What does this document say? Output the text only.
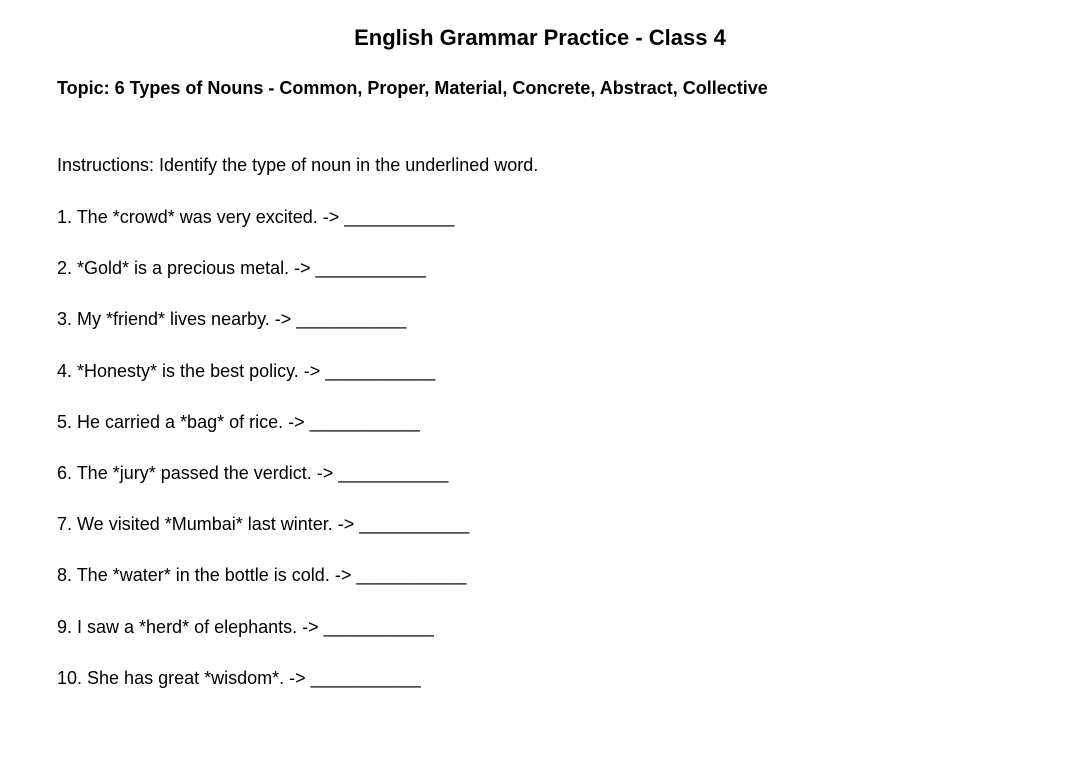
English Grammar Practice - Class 4

Topic: 6 Types of Nouns - Common, Proper, Material, Concrete, Abstract, Collective

Instructions: Identify the type of noun in the underlined word.

1. The *crowd* was very excited. -> ___________
2. *Gold* is a precious metal. -> ___________
3. My *friend* lives nearby. -> ___________
4. *Honesty* is the best policy. -> ___________
5. He carried a *bag* of rice. -> ___________
6. The *jury* passed the verdict. -> ___________
7. We visited *Mumbai* last winter. -> ___________
8. The *water* in the bottle is cold. -> ___________
9. I saw a *herd* of elephants. -> ___________
10. She has great *wisdom*. -> ___________
